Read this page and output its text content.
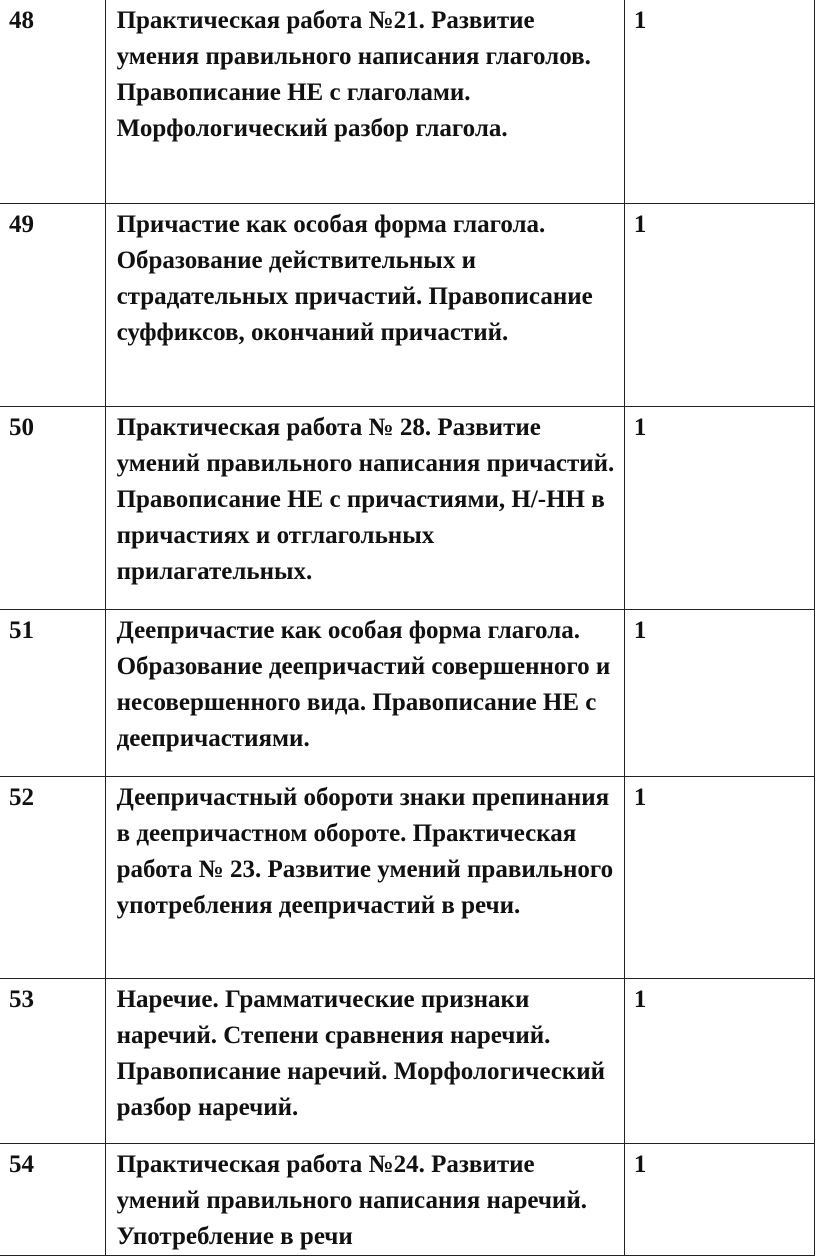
48	Практическая работа №21. Развитие умения правильного написания глаголов. Правописание НЕ с глаголами. Морфологический разбор глагола.	1

49	Причастие как особая форма глагола. Образование действительных и страдательных причастий. Правописание суффиксов, окончаний причастий.	1

50	Практическая работа № 28. Развитие умений правильного написания причастий. Правописание НЕ с причастиями, Н/-НН в причастиях и отглагольных прилагательных.	1

51	Деепричастие как особая форма глагола. Образование деепричастий совершенного и несовершенного вида. Правописание НЕ с деепричастиями.	1

52	Деепричастный обороти знаки препинания в деепричастном обороте. Практическая работа № 23. Развитие умений правильного употребления деепричастий в речи.	1

53	Наречие. Грамматические признаки наречий. Степени сравнения наречий. Правописание наречий. Морфологический разбор наречий.	1

54	Практическая работа №24. Развитие умений правильного написания наречий. Употребление в речи	1
